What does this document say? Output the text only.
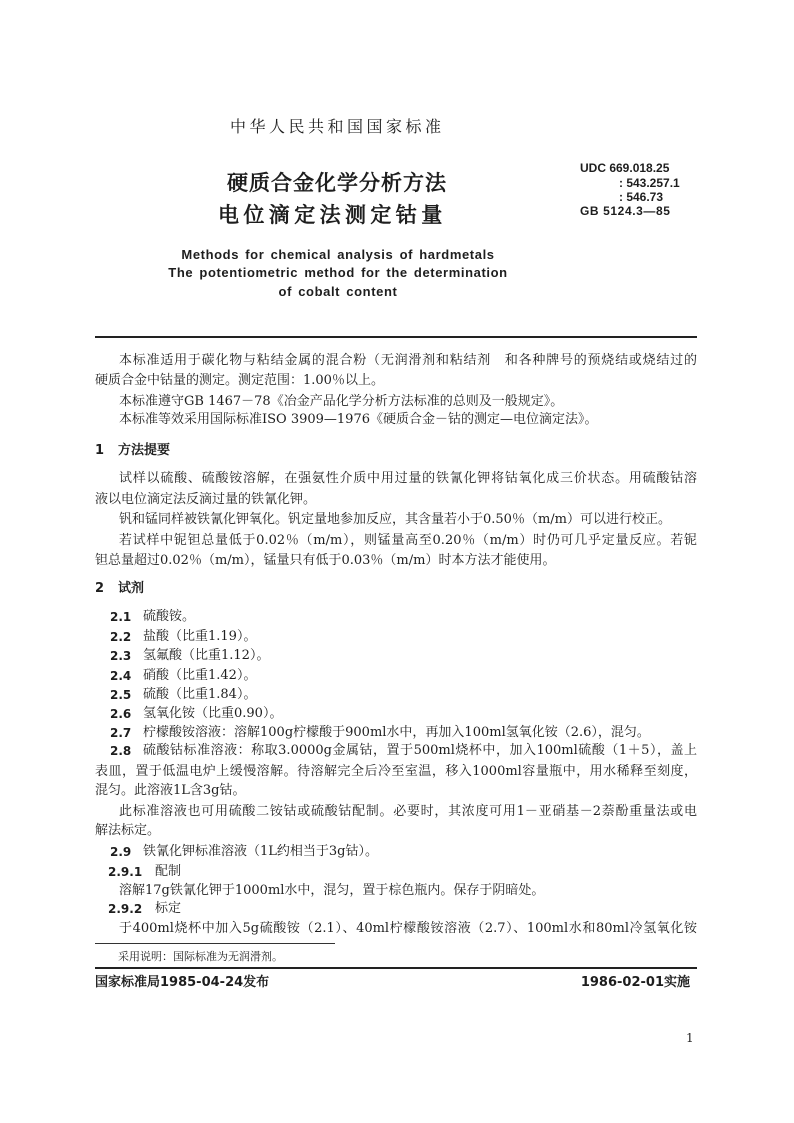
中华人民共和国国家标准
硬质合金化学分析方法
电位滴定法测定钴量
UDC 669.018.25
: 543.257.1
: 546.73
GB 5124.3—85
Methods for chemical analysis of hardmetals
The potentiometric method for the determination
of cobalt content
本标准适用于碳化物与粘结金属的混合粉（无润滑剂和粘结剂　和各种牌号的预烧结或烧结过的
硬质合金中钴量的测定。测定范围：1.00％以上。
本标准遵守GB 1467－78《冶金产品化学分析方法标准的总则及一般规定》。
本标准等效采用国际标准ISO 3909—1976《硬质合金－钴的测定—电位滴定法》。
1 方法提要
试样以硫酸、硫酸铵溶解，在强氨性介质中用过量的铁氰化钾将钴氧化成三价状态。用硫酸钴溶
液以电位滴定法反滴过量的铁氰化钾。
钒和锰同样被铁氰化钾氧化。钒定量地参加反应，其含量若小于0.50％（m/m）可以进行校正。
若试样中铌钽总量低于0.02％（m/m），则锰量高至0.20％（m/m）时仍可几乎定量反应。若铌
钽总量超过0.02％（m/m），锰量只有低于0.03％（m/m）时本方法才能使用。
2 试剂
2.1 硫酸铵。
2.2 盐酸（比重1.19）。
2.3 氢氟酸（比重1.12）。
2.4 硝酸（比重1.42）。
2.5 硫酸（比重1.84）。
2.6 氢氧化铵（比重0.90）。
2.7 柠檬酸铵溶液：溶解100g柠檬酸于900ml水中，再加入100ml氢氧化铵（2.6），混匀。
2.8 硫酸钴标准溶液：称取3.0000g金属钴，置于500ml烧杯中，加入100ml硫酸（1＋5），盖上
表皿，置于低温电炉上缓慢溶解。待溶解完全后冷至室温，移入1000ml容量瓶中，用水稀释至刻度，
混匀。此溶液1L含3g钴。
此标准溶液也可用硫酸二铵钴或硫酸钴配制。必要时，其浓度可用1－亚硝基－2萘酚重量法或电
解法标定。
2.9 铁氰化钾标准溶液（1L约相当于3g钴）。
2.9.1 配制
溶解17g铁氰化钾于1000ml水中，混匀，置于棕色瓶内。保存于阴暗处。
2.9.2 标定
于400ml烧杯中加入5g硫酸铵（2.1）、40ml柠檬酸铵溶液（2.7）、100ml水和80ml冷氢氧化铵
采用说明：国际标准为无润滑剂。
国家标准局1985-04-24发布	1986-02-01实施
1
